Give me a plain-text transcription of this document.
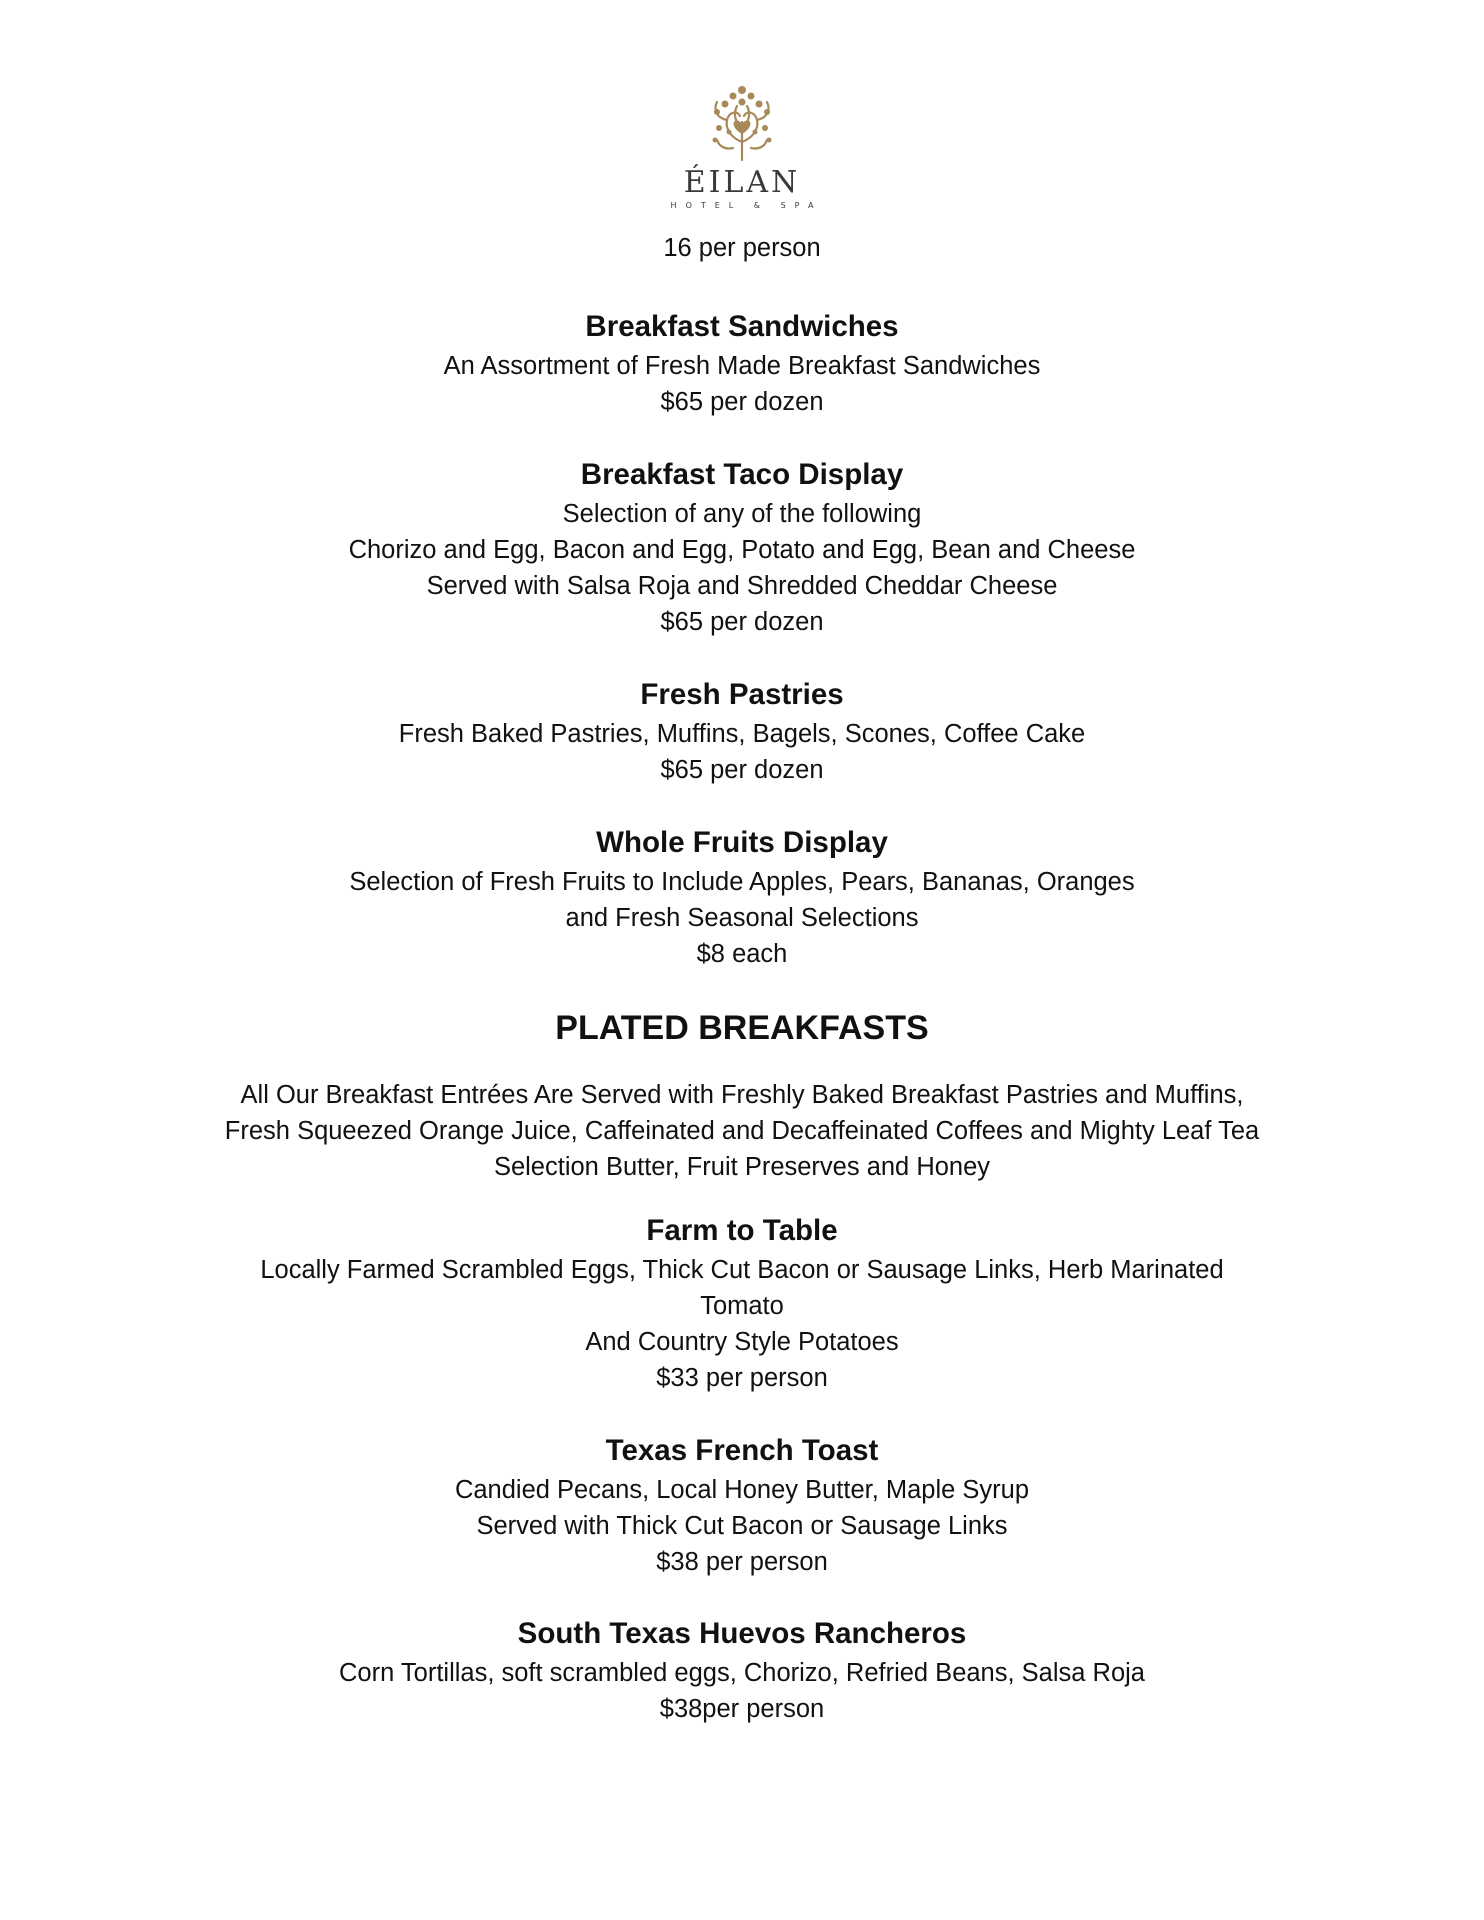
ÉILAN
HOTEL & SPA
16 per person
Breakfast Sandwiches
An Assortment of Fresh Made Breakfast Sandwiches
$65 per dozen
Breakfast Taco Display
Selection of any of the following
Chorizo and Egg, Bacon and Egg, Potato and Egg, Bean and Cheese
Served with Salsa Roja and Shredded Cheddar Cheese
$65 per dozen
Fresh Pastries
Fresh Baked Pastries, Muffins, Bagels, Scones, Coffee Cake
$65 per dozen
Whole Fruits Display
Selection of Fresh Fruits to Include Apples, Pears, Bananas, Oranges
and Fresh Seasonal Selections
$8 each
PLATED BREAKFASTS
All Our Breakfast Entrées Are Served with Freshly Baked Breakfast Pastries and Muffins,
Fresh Squeezed Orange Juice, Caffeinated and Decaffeinated Coffees and Mighty Leaf Tea
Selection Butter, Fruit Preserves and Honey
Farm to Table
Locally Farmed Scrambled Eggs, Thick Cut Bacon or Sausage Links, Herb Marinated
Tomato
And Country Style Potatoes
$33 per person
Texas French Toast
Candied Pecans, Local Honey Butter, Maple Syrup
Served with Thick Cut Bacon or Sausage Links
$38 per person
South Texas Huevos Rancheros
Corn Tortillas, soft scrambled eggs, Chorizo, Refried Beans, Salsa Roja
$38per person
